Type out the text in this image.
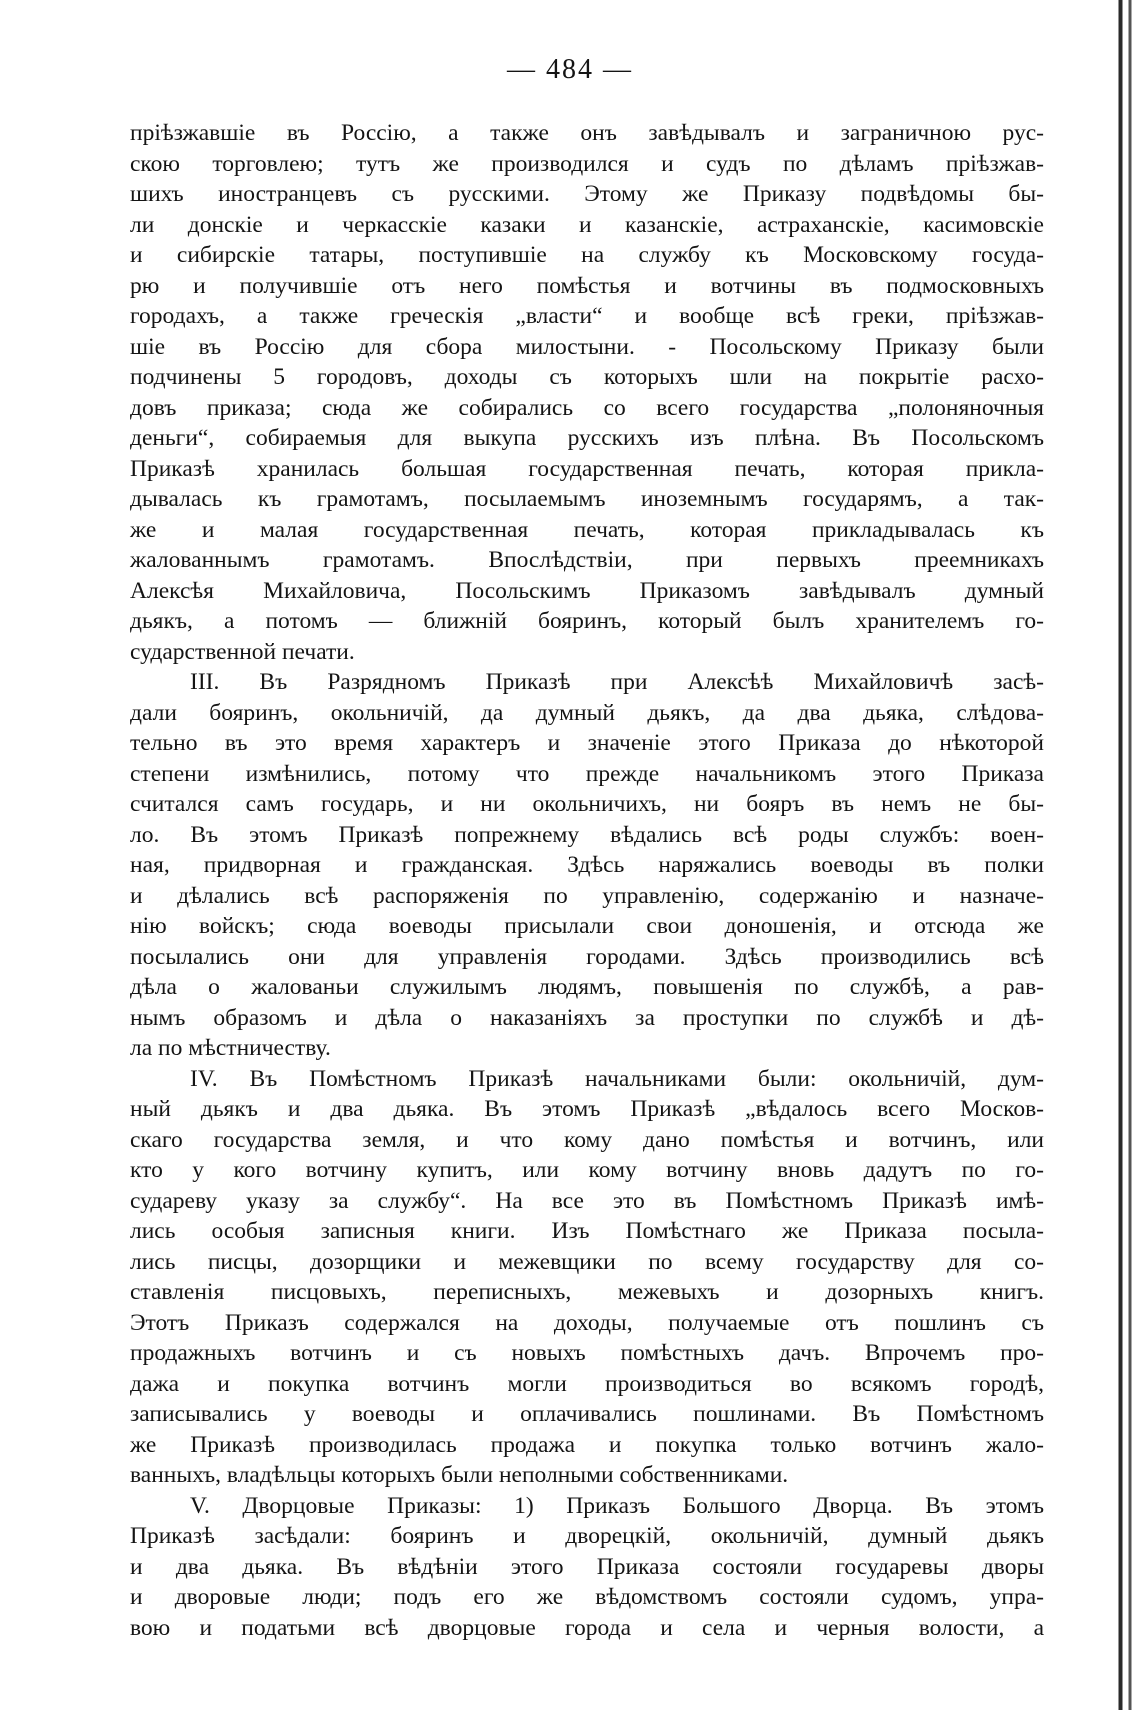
— 484 —
пріѣзжавшіе въ Россію, а также онъ завѣдывалъ и заграничною рус-
скою торговлею; тутъ же производился и судъ по дѣламъ пріѣзжав-
шихъ иностранцевъ съ русскими. Этому же Приказу подвѣдомы бы-
ли донскіе и черкасскіе казаки и казанскіе, астраханскіе, касимовскіе
и сибирскіе татары, поступившіе на службу къ Московскому госуда-
рю и получившіе отъ него помѣстья и вотчины въ подмосковныхъ
городахъ, а также греческія „власти“ и вообще всѣ греки, пріѣзжав-
шіе въ Россію для сбора милостыни. - Посольскому Приказу были
подчинены 5 городовъ, доходы съ которыхъ шли на покрытіе расхо-
довъ приказа; сюда же собирались со всего государства „полоняночныя
деньги“, собираемыя для выкупа русскихъ изъ плѣна. Въ Посольскомъ
Приказѣ хранилась большая государственная печать, которая прикла-
дывалась къ грамотамъ, посылаемымъ иноземнымъ государямъ, а так-
же и малая государственная печать, которая прикладывалась къ
жалованнымъ грамотамъ. Впослѣдствіи, при первыхъ преемникахъ
Алексѣя Михайловича, Посольскимъ Приказомъ завѣдывалъ думный
дьякъ, а потомъ — ближній бояринъ, который былъ хранителемъ го-
сударственной печати.
III. Въ Разрядномъ Приказѣ при Алексѣѣ Михайловичѣ засѣ-
дали бояринъ, окольничій, да думный дьякъ, да два дьяка, слѣдова-
тельно въ это время характеръ и значеніе этого Приказа до нѣкоторой
степени измѣнились, потому что прежде начальникомъ этого Приказа
считался самъ государь, и ни окольничихъ, ни бояръ въ немъ не бы-
ло. Въ этомъ Приказѣ попрежнему вѣдались всѣ роды службъ: воен-
ная, придворная и гражданская. Здѣсь наряжались воеводы въ полки
и дѣлались всѣ распоряженія по управленію, содержанію и назначе-
нію войскъ; сюда воеводы присылали свои доношенія, и отсюда же
посылались они для управленія городами. Здѣсь производились всѣ
дѣла о жалованьи служилымъ людямъ, повышенія по службѣ, а рав-
нымъ образомъ и дѣла о наказаніяхъ за проступки по службѣ и дѣ-
ла по мѣстничеству.
IV. Въ Помѣстномъ Приказѣ начальниками были: окольничій, дум-
ный дьякъ и два дьяка. Въ этомъ Приказѣ „вѣдалось всего Москов-
скаго государства земля, и что кому дано помѣстья и вотчинъ, или
кто у кого вотчину купитъ, или кому вотчину вновь дадутъ по го-
судареву указу за службу“. На все это въ Помѣстномъ Приказѣ имѣ-
лись особыя записныя книги. Изъ Помѣстнаго же Приказа посыла-
лись писцы, дозорщики и межевщики по всему государству для со-
ставленія писцовыхъ, переписныхъ, межевыхъ и дозорныхъ книгъ.
Этотъ Приказъ содержался на доходы, получаемые отъ пошлинъ съ
продажныхъ вотчинъ и съ новыхъ помѣстныхъ дачъ. Впрочемъ про-
дажа и покупка вотчинъ могли производиться во всякомъ городѣ,
записывались у воеводы и оплачивались пошлинами. Въ Помѣстномъ
же Приказѣ производилась продажа и покупка только вотчинъ жало-
ванныхъ, владѣльцы которыхъ были неполными собственниками.
V. Дворцовые Приказы: 1) Приказъ Большого Дворца. Въ этомъ
Приказѣ засѣдали: бояринъ и дворецкій, окольничій, думный дьякъ
и два дьяка. Въ вѣдѣніи этого Приказа состояли государевы дворы
и дворовые люди; подъ его же вѣдомствомъ состояли судомъ, упра-
вою и податьми всѣ дворцовые города и села и черныя волости, а
